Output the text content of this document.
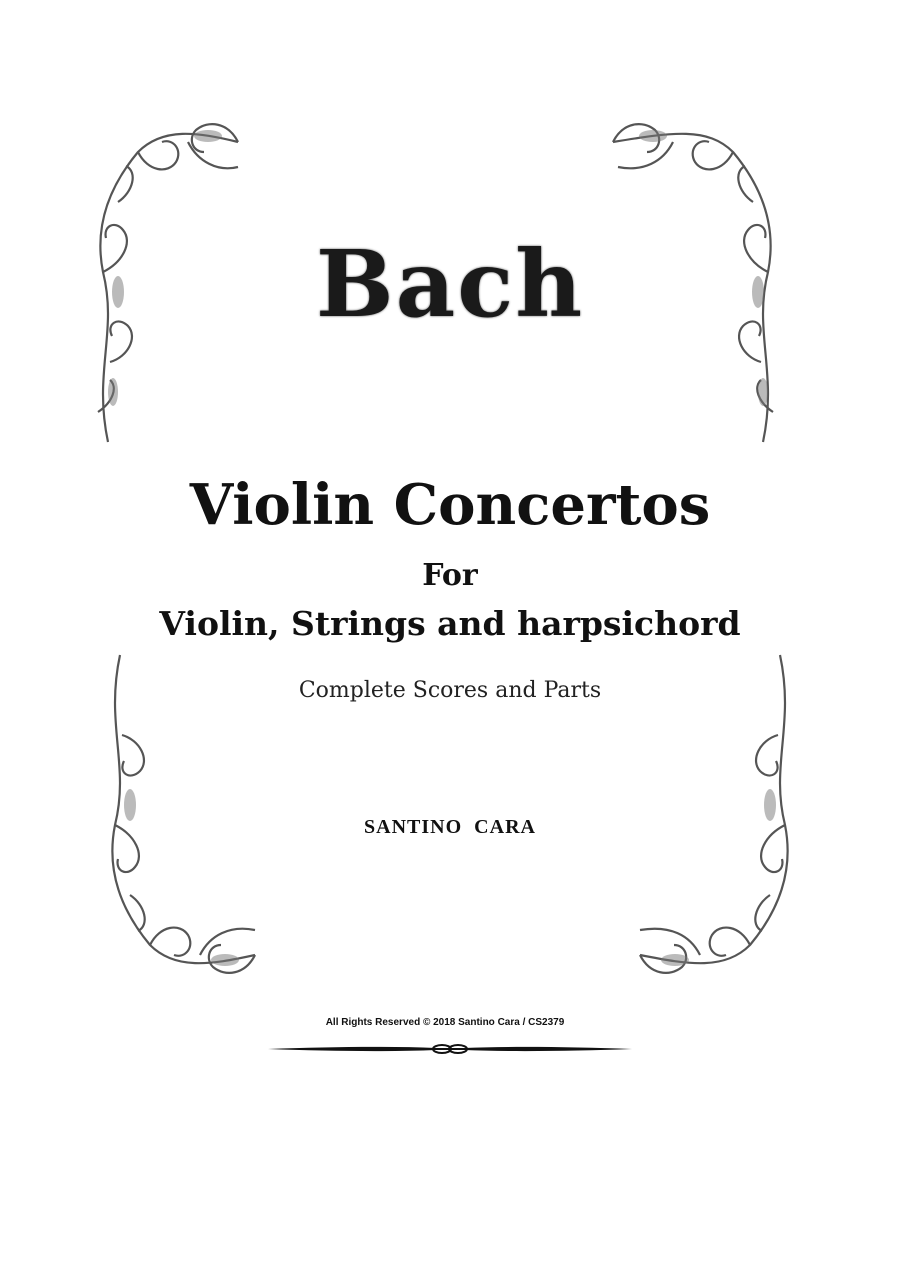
Bach
Violin Concertos
For
Violin, Strings and harpsichord
Complete Scores and Parts
SANTINO  CARA
All Rights Reserved © 2018 Santino Cara / CS2379
